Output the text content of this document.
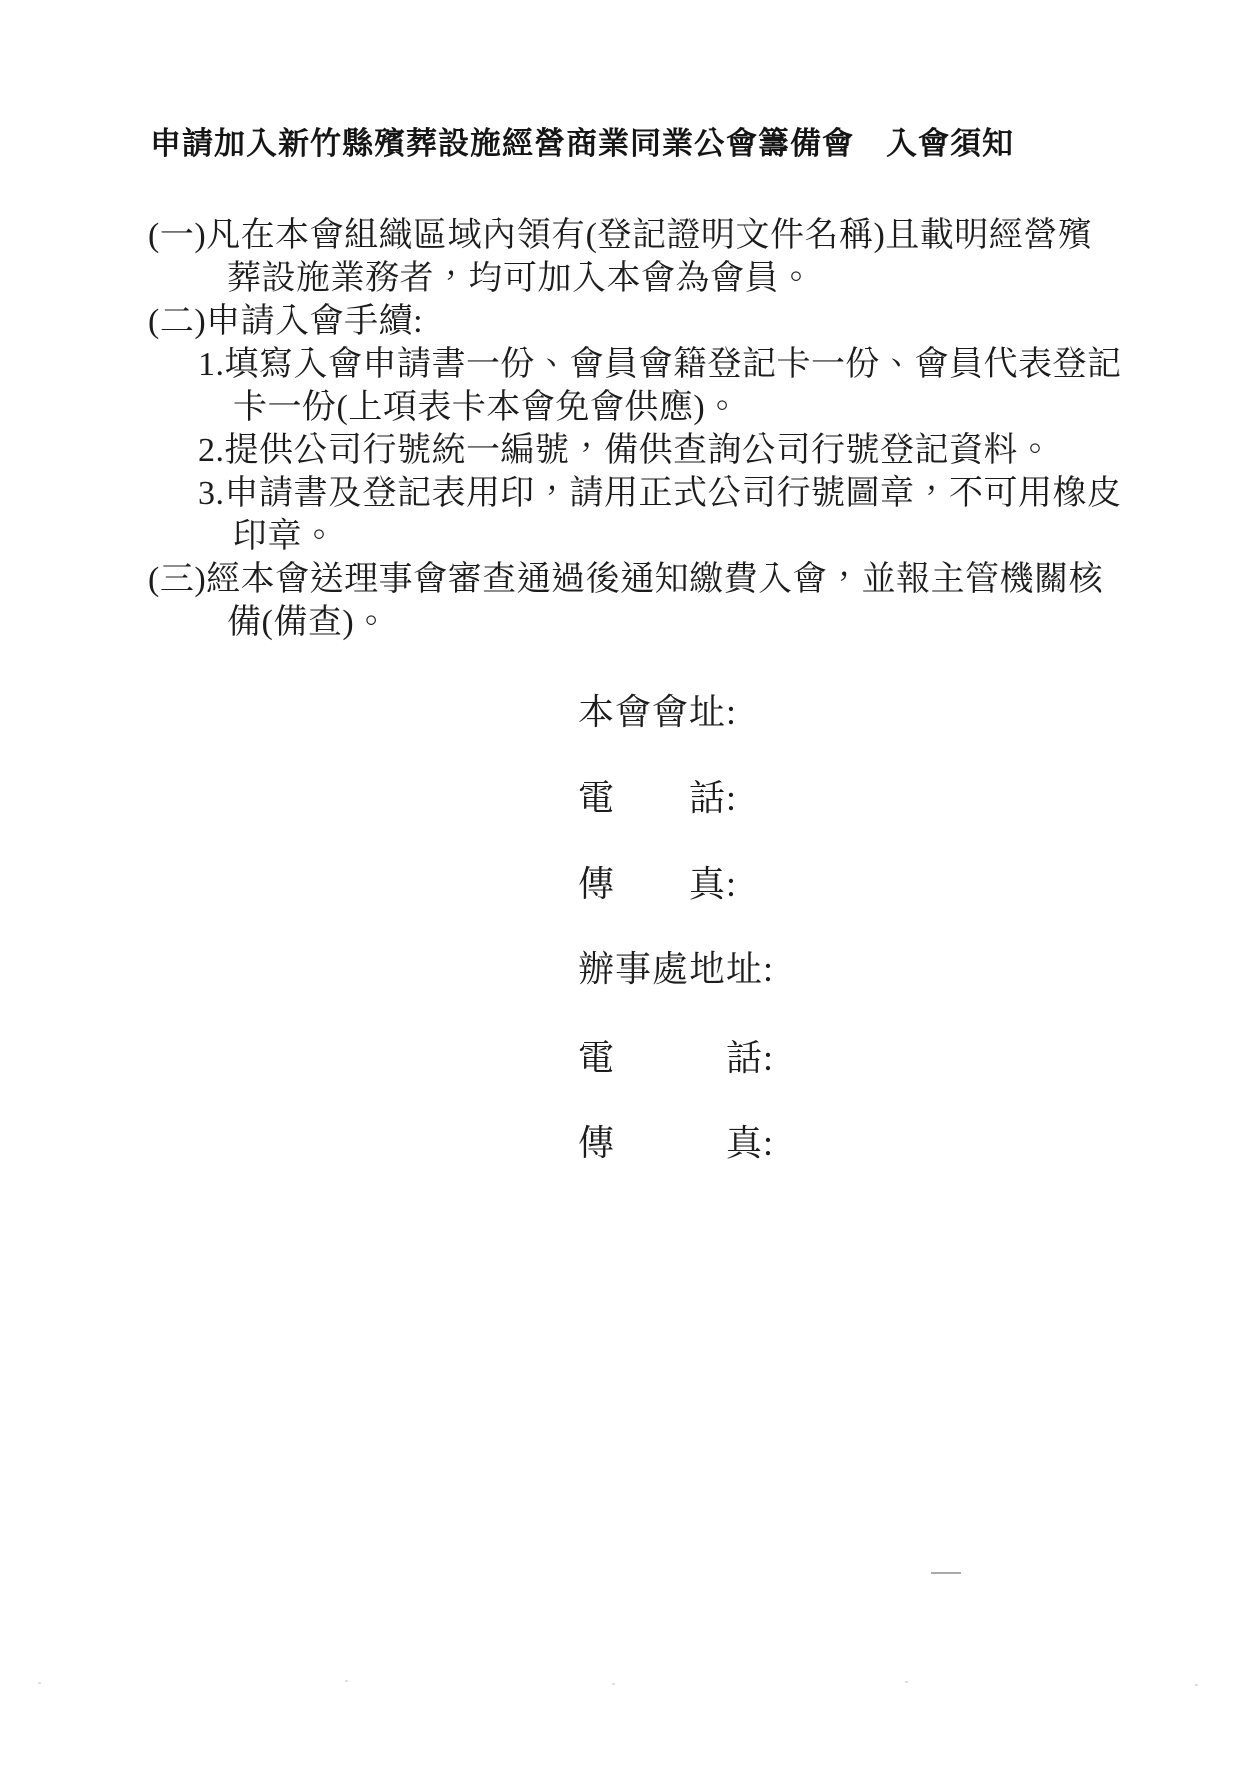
申請加入新竹縣殯葬設施經營商業同業公會籌備會　入會須知
(一)凡在本會組織區域內領有(登記證明文件名稱)且載明經營殯
葬設施業務者，均可加入本會為會員。
(二)申請入會手續:
1.填寫入會申請書一份、會員會籍登記卡一份、會員代表登記
卡一份(上項表卡本會免會供應)。
2.提供公司行號統一編號，備供查詢公司行號登記資料。
3.申請書及登記表用印，請用正式公司行號圖章，不可用橡皮
印章。
(三)經本會送理事會審查通過後通知繳費入會，並報主管機關核
備(備查)。
本會會址:
電　　話:
傳　　真:
辦事處地址:
電　　　話:
傳　　　真:
